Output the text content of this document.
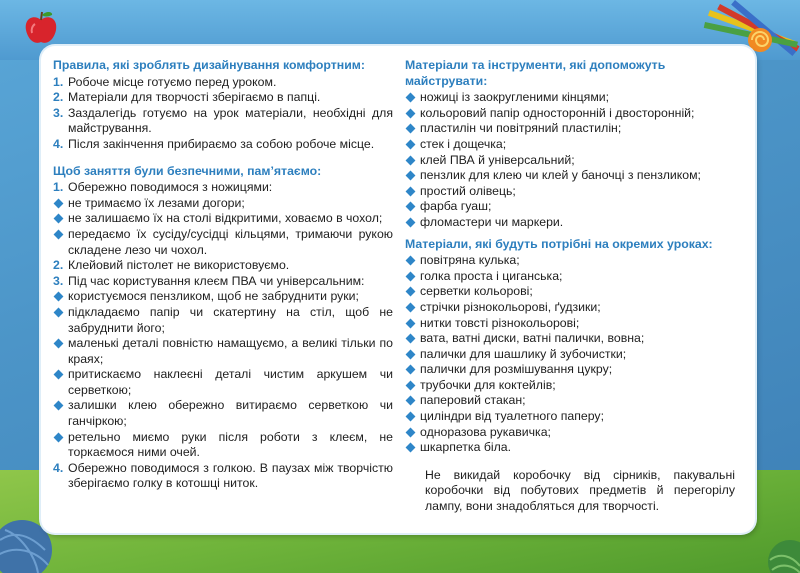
Правила, які зроблять дизайнування комфортним:
1. Робоче місце готуємо перед уроком.
2. Матеріали для творчості зберігаємо в папці.
3. Заздалегідь готуємо на урок матеріали, необхідні для майстрування.
4. Після закінчення прибираємо за собою робоче місце.
Щоб заняття були безпечними, пам’ятаємо:
1. Обережно поводимося з ножицями:
не тримаємо їх лезами догори;
не залишаємо їх на столі відкритими, ховаємо в чохол;
передаємо їх сусіду/сусідці кільцями, тримаючи рукою складене лезо чи чохол.
2. Клейовий пістолет не використовуємо.
3. Під час користування клеєм ПВА чи універсальним:
користуємося пензликом, щоб не забруднити руки;
підкладаємо папір чи скатертину на стіл, щоб не забруднити його;
маленькі деталі повністю намащуємо, а великі тільки по краях;
притискаємо наклеєні деталі чистим аркушем чи серветкою;
залишки клею обережно витираємо серветкою чи ганчіркою;
ретельно миємо руки після роботи з клеєм, не торкаємося ними очей.
4. Обережно поводимося з голкою. В паузах між творчістю зберігаємо голку в котошці ниток.
Матеріали та інструменти, які допоможуть майструвати:
ножиці із заокругленими кінцями;
кольоровий папір односторонній і двосторонній;
пластилін чи повітряний пластилін;
стек і дощечка;
клей ПВА й універсальний;
пензлик для клею чи клей у баночці з пензликом;
простий олівець;
фарба гуаш;
фломастери чи маркери.
Матеріали, які будуть потрібні на окремих уроках:
повітряна кулька;
голка проста і циганська;
серветки кольорові;
стрічки різнокольорові, ґудзики;
нитки товсті різнокольорові;
вата, ватні диски, ватні палички, вовна;
палички для шашлику й зубочистки;
палички для розмішування цукру;
трубочки для коктейлів;
паперовий стакан;
циліндри від туалетного паперу;
одноразова рукавичка;
шкарпетка біла.
Не викидай коробочку від сірників, пакувальні коробочки від побутових предметів й перегорілу лампу, вони знадобляться для творчості.
